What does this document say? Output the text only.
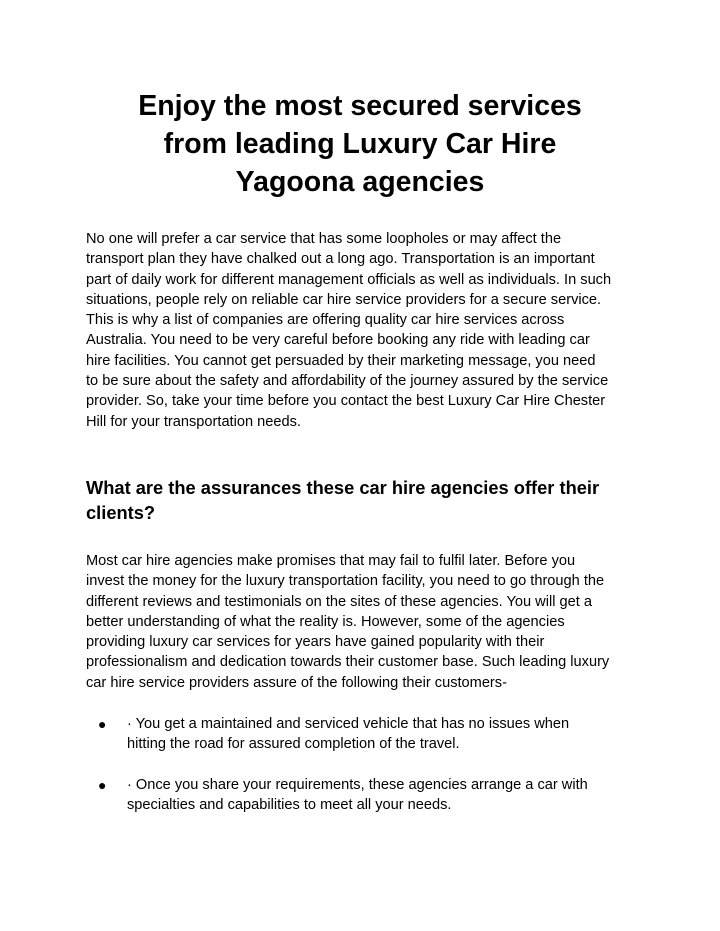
Enjoy the most secured services
from leading Luxury Car Hire
Yagoona agencies

No one will prefer a car service that has some loopholes or may affect the
transport plan they have chalked out a long ago. Transportation is an important
part of daily work for different management officials as well as individuals. In such
situations, people rely on reliable car hire service providers for a secure service.
This is why a list of companies are offering quality car hire services across
Australia. You need to be very careful before booking any ride with leading car
hire facilities. You cannot get persuaded by their marketing message, you need
to be sure about the safety and affordability of the journey assured by the service
provider. So, take your time before you contact the best Luxury Car Hire Chester
Hill for your transportation needs.

What are the assurances these car hire agencies offer their
clients?

Most car hire agencies make promises that may fail to fulfil later. Before you
invest the money for the luxury transportation facility, you need to go through the
different reviews and testimonials on the sites of these agencies. You will get a
better understanding of what the reality is. However, some of the agencies
providing luxury car services for years have gained popularity with their
professionalism and dedication towards their customer base. Such leading luxury
car hire service providers assure of the following their customers-

● · You get a maintained and serviced vehicle that has no issues when
hitting the road for assured completion of the travel.
● · Once you share your requirements, these agencies arrange a car with
specialties and capabilities to meet all your needs.
